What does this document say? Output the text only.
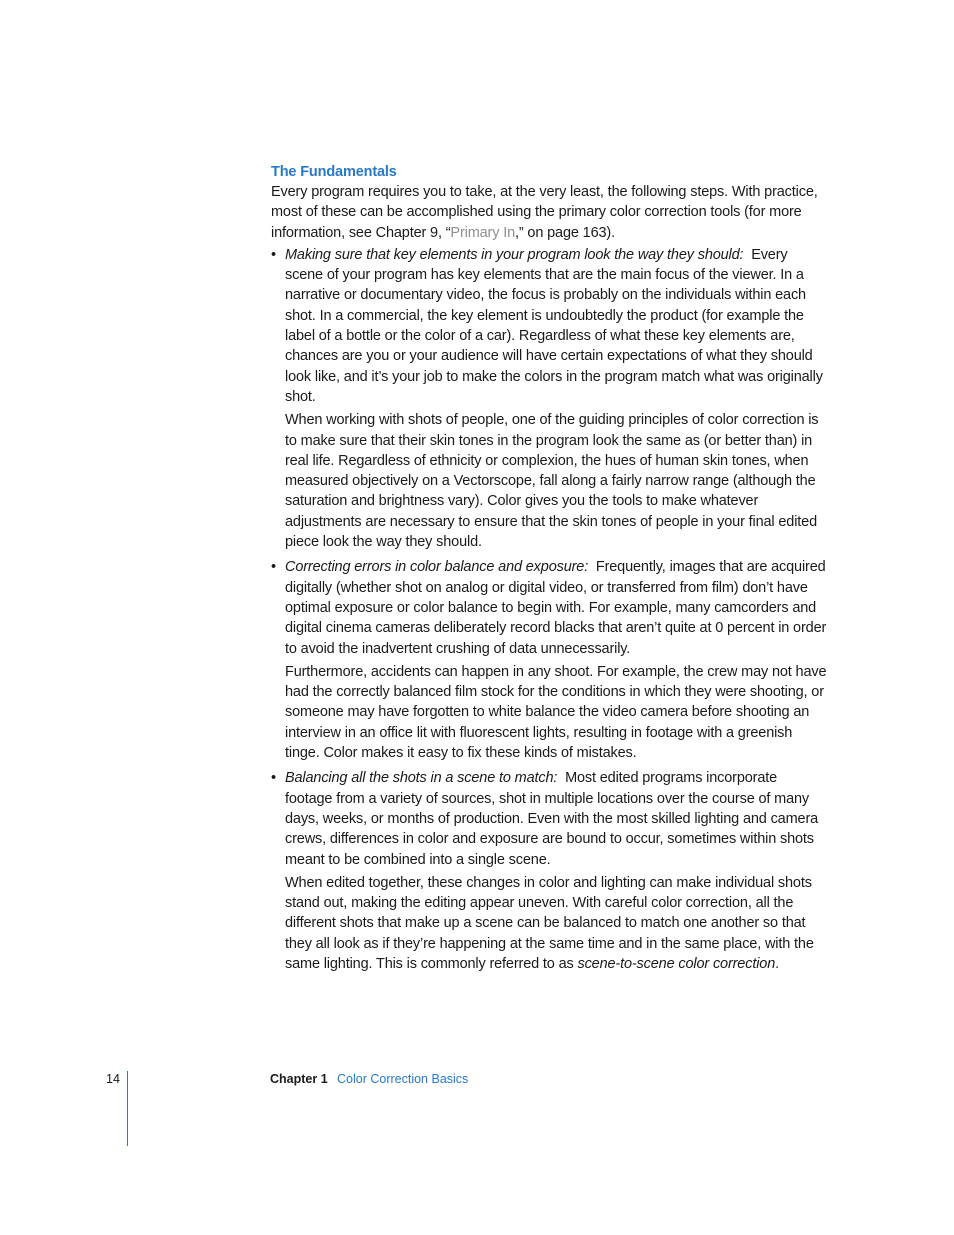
The Fundamentals

Every program requires you to take, at the very least, the following steps. With practice, most of these can be accomplished using the primary color correction tools (for more information, see Chapter 9, “Primary In,” on page 163).

• Making sure that key elements in your program look the way they should: Every scene of your program has key elements that are the main focus of the viewer. In a narrative or documentary video, the focus is probably on the individuals within each shot. In a commercial, the key element is undoubtedly the product (for example the label of a bottle or the color of a car). Regardless of what these key elements are, chances are you or your audience will have certain expectations of what they should look like, and it’s your job to make the colors in the program match what was originally shot.

When working with shots of people, one of the guiding principles of color correction is to make sure that their skin tones in the program look the same as (or better than) in real life. Regardless of ethnicity or complexion, the hues of human skin tones, when measured objectively on a Vectorscope, fall along a fairly narrow range (although the saturation and brightness vary). Color gives you the tools to make whatever adjustments are necessary to ensure that the skin tones of people in your final edited piece look the way they should.

• Correcting errors in color balance and exposure: Frequently, images that are acquired digitally (whether shot on analog or digital video, or transferred from film) don’t have optimal exposure or color balance to begin with. For example, many camcorders and digital cinema cameras deliberately record blacks that aren’t quite at 0 percent in order to avoid the inadvertent crushing of data unnecessarily.

Furthermore, accidents can happen in any shoot. For example, the crew may not have had the correctly balanced film stock for the conditions in which they were shooting, or someone may have forgotten to white balance the video camera before shooting an interview in an office lit with fluorescent lights, resulting in footage with a greenish tinge. Color makes it easy to fix these kinds of mistakes.

• Balancing all the shots in a scene to match: Most edited programs incorporate footage from a variety of sources, shot in multiple locations over the course of many days, weeks, or months of production. Even with the most skilled lighting and camera crews, differences in color and exposure are bound to occur, sometimes within shots meant to be combined into a single scene.

When edited together, these changes in color and lighting can make individual shots stand out, making the editing appear uneven. With careful color correction, all the different shots that make up a scene can be balanced to match one another so that they all look as if they’re happening at the same time and in the same place, with the same lighting. This is commonly referred to as scene-to-scene color correction.

14	Chapter 1 Color Correction Basics
